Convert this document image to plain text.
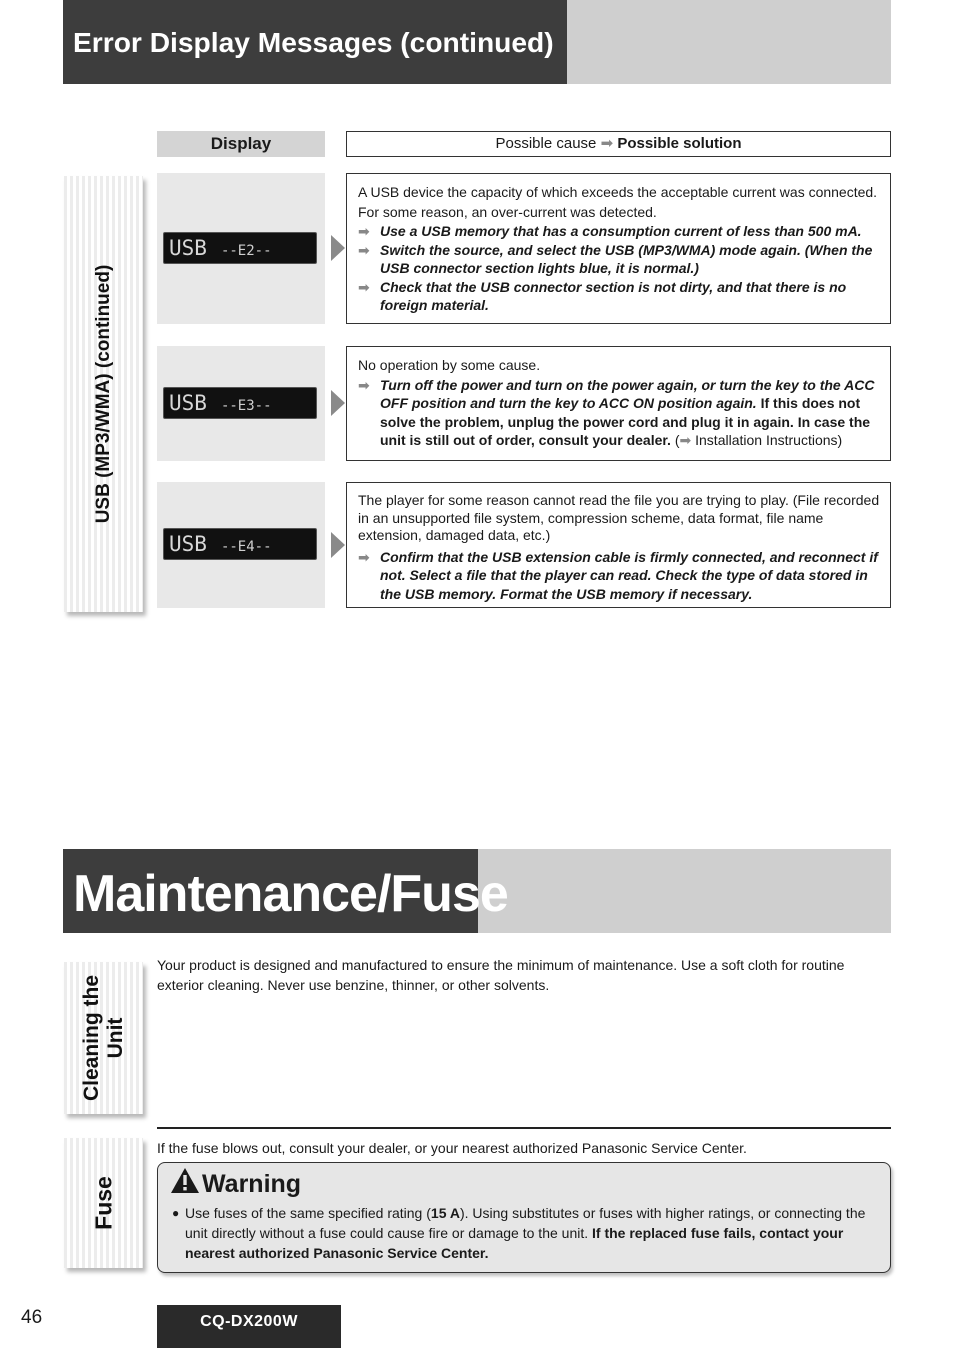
Error Display Messages (continued)
USB (MP3/WMA) (continued)
Display	Possible cause ➡ Possible solution
USB --E2--
A USB device the capacity of which exceeds the acceptable current was connected.
For some reason, an over-current was detected.
➡ Use a USB memory that has a consumption current of less than 500 mA.
➡ Switch the source, and select the USB (MP3/WMA) mode again. (When the USB connector section lights blue, it is normal.)
➡ Check that the USB connector section is not dirty, and that there is no foreign material.
USB --E3--
No operation by some cause.
➡ Turn off the power and turn on the power again, or turn the key to the ACC OFF position and turn the key to ACC ON position again. If this does not solve the problem, unplug the power cord and plug it in again. In case the unit is still out of order, consult your dealer. (➡ Installation Instructions)
USB --E4--
The player for some reason cannot read the file you are trying to play. (File recorded in an unsupported file system, compression scheme, data format, file name extension, damaged data, etc.)
➡ Confirm that the USB extension cable is firmly connected, and reconnect if not. Select a file that the player can read. Check the type of data stored in the USB memory. Format the USB memory if necessary.
Maintenance/Fuse
Cleaning the
Unit
Your product is designed and manufactured to ensure the minimum of maintenance. Use a soft cloth for routine exterior cleaning. Never use benzine, thinner, or other solvents.
Fuse
If the fuse blows out, consult your dealer, or your nearest authorized Panasonic Service Center.
Warning
● Use fuses of the same specified rating (15 A). Using substitutes or fuses with higher ratings, or connecting the unit directly without a fuse could cause fire or damage to the unit. If the replaced fuse fails, contact your nearest authorized Panasonic Service Center.
46	CQ-DX200W
